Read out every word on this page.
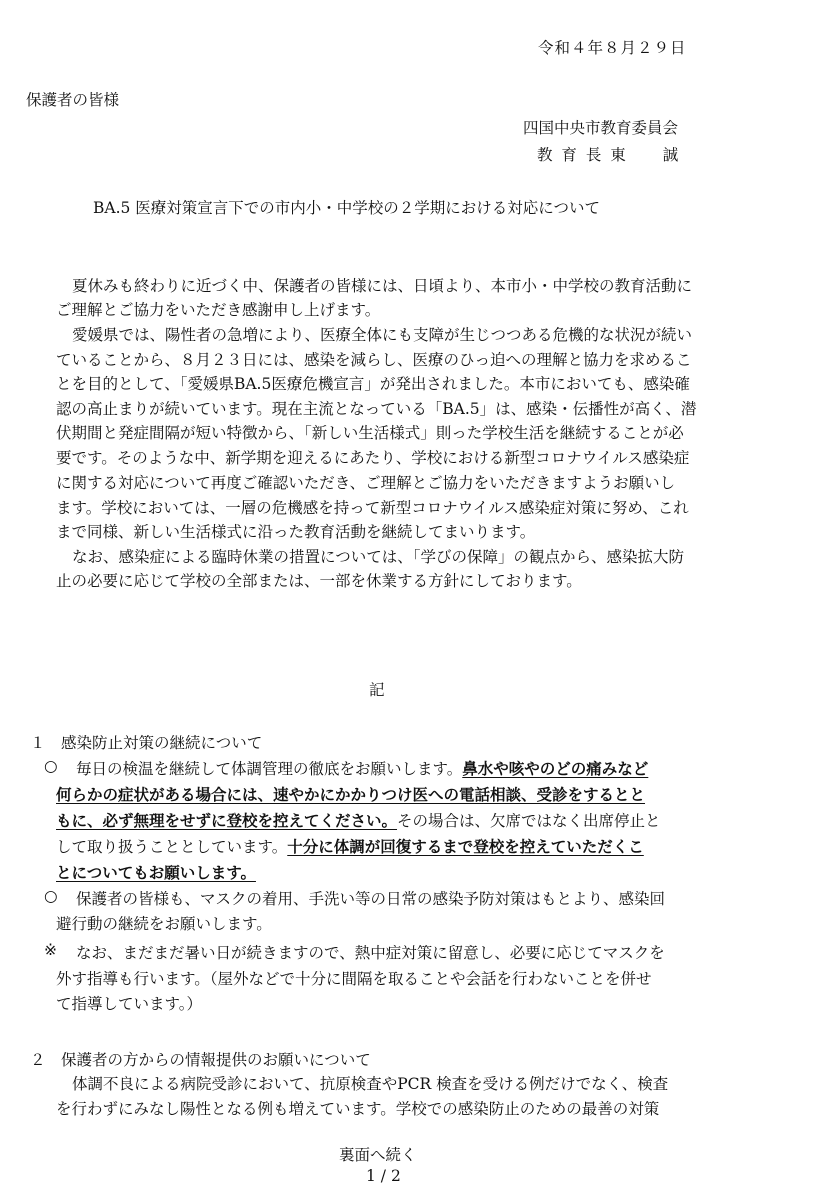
令和４年８月２９日
保護者の皆様
四国中央市教育委員会
教 育 長 東　　誠
BA.5 医療対策宣言下での市内小・中学校の２学期における対応について
夏休みも終わりに近づく中、保護者の皆様には、日頃より、本市小・中学校の教育活動に
ご理解とご協力をいただき感謝申し上げます。
愛媛県では、陽性者の急増により、医療全体にも支障が生じつつある危機的な状況が続い
ていることから、８月２３日には、感染を減らし、医療のひっ迫への理解と協力を求めるこ
とを目的として、「愛媛県BA.5医療危機宣言」が発出されました。本市においても、感染確
認の高止まりが続いています。現在主流となっている「BA.5」は、感染・伝播性が高く、潜
伏期間と発症間隔が短い特徴から、「新しい生活様式」則った学校生活を継続することが必
要です。そのような中、新学期を迎えるにあたり、学校における新型コロナウイルス感染症
に関する対応について再度ご確認いただき、ご理解とご協力をいただきますようお願いし
ます。学校においては、一層の危機感を持って新型コロナウイルス感染症対策に努め、これ
まで同様、新しい生活様式に沿った教育活動を継続してまいります。
なお、感染症による臨時休業の措置については、「学びの保障」の観点から、感染拡大防
止の必要に応じて学校の全部または、一部を休業する方針にしております。
記
１　感染防止対策の継続について
○ 毎日の検温を継続して体調管理の徹底をお願いします。鼻水や咳やのどの痛みなど
何らかの症状がある場合には、速やかにかかりつけ医への電話相談、受診をするとと
もに、必ず無理をせずに登校を控えてください。その場合は、欠席ではなく出席停止と
して取り扱うこととしています。十分に体調が回復するまで登校を控えていただくこ
とについてもお願いします。
○ 保護者の皆様も、マスクの着用、手洗い等の日常の感染予防対策はもとより、感染回
避行動の継続をお願いします。
※ なお、まだまだ暑い日が続きますので、熱中症対策に留意し、必要に応じてマスクを
外す指導も行います。（屋外などで十分に間隔を取ることや会話を行わないことを併せ
て指導しています。）
２　保護者の方からの情報提供のお願いについて
体調不良による病院受診において、抗原検査やPCR 検査を受ける例だけでなく、検査
を行わずにみなし陽性となる例も増えています。学校での感染防止のための最善の対策
裏面へ続く
1 / 2
